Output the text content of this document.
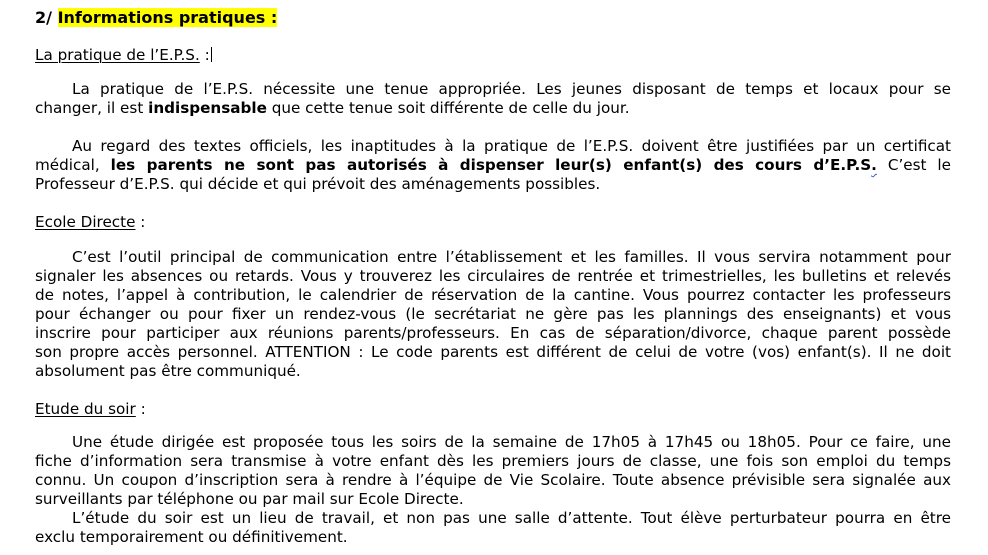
2/ Informations pratiques :
La pratique de l’E.P.S. :
La pratique de l’E.P.S. nécessite une tenue appropriée. Les jeunes disposant de temps et locaux pour se
changer, il est indispensable que cette tenue soit différente de celle du jour.
Au regard des textes officiels, les inaptitudes à la pratique de l’E.P.S. doivent être justifiées par un certificat
médical, les parents ne sont pas autorisés à dispenser leur(s) enfant(s) des cours d’E.P.S. C’est le
Professeur d’E.P.S. qui décide et qui prévoit des aménagements possibles.
Ecole Directe :
C’est l’outil principal de communication entre l’établissement et les familles. Il vous servira notamment pour
signaler les absences ou retards. Vous y trouverez les circulaires de rentrée et trimestrielles, les bulletins et relevés
de notes, l’appel à contribution, le calendrier de réservation de la cantine. Vous pourrez contacter les professeurs
pour échanger ou pour fixer un rendez-vous (le secrétariat ne gère pas les plannings des enseignants) et vous
inscrire pour participer aux réunions parents/professeurs. En cas de séparation/divorce, chaque parent possède
son propre accès personnel. ATTENTION : Le code parents est différent de celui de votre (vos) enfant(s). Il ne doit
absolument pas être communiqué.
Etude du soir :
Une étude dirigée est proposée tous les soirs de la semaine de 17h05 à 17h45 ou 18h05. Pour ce faire, une
fiche d’information sera transmise à votre enfant dès les premiers jours de classe, une fois son emploi du temps
connu. Un coupon d’inscription sera à rendre à l’équipe de Vie Scolaire. Toute absence prévisible sera signalée aux
surveillants par téléphone ou par mail sur Ecole Directe.
L’étude du soir est un lieu de travail, et non pas une salle d’attente. Tout élève perturbateur pourra en être
exclu temporairement ou définitivement.
